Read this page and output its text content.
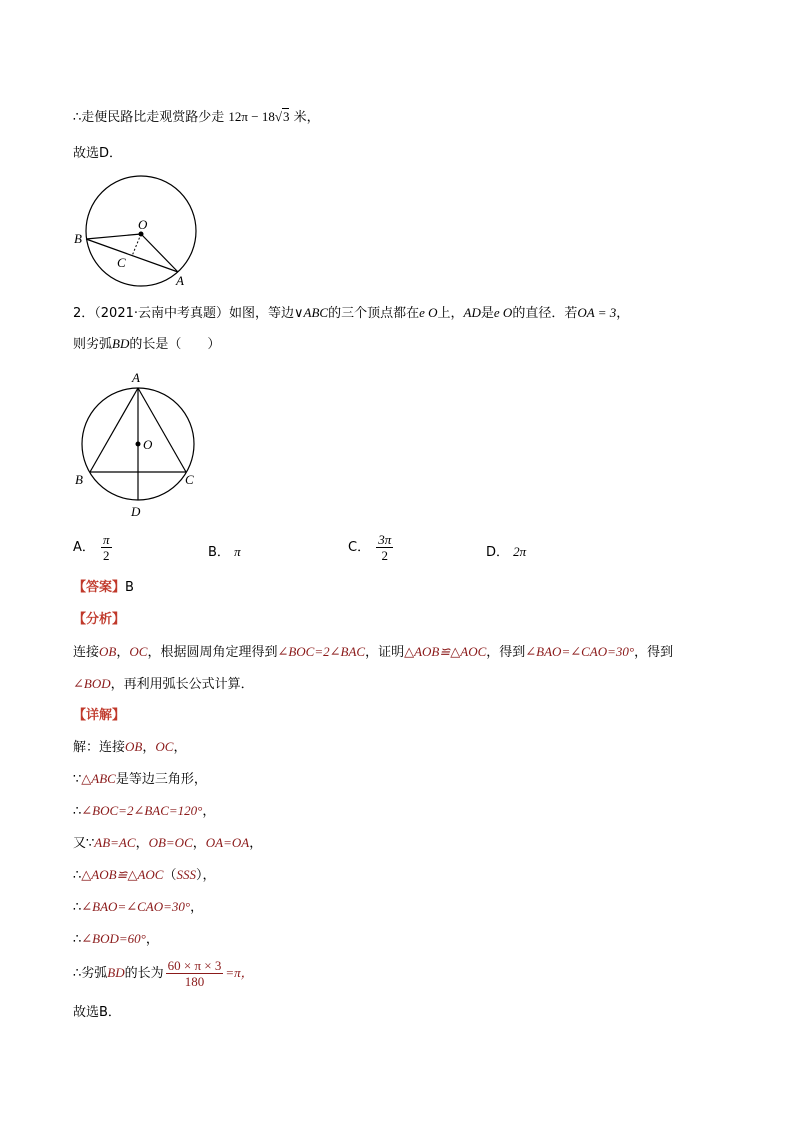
∴走便民路比走观赏路少走 12π − 18√3 米，
故选D．
O
B
C
A
2．（2021·云南中考真题）如图，等边∨ABC的三个顶点都在e O上，AD是e O的直径．若OA = 3，
则劣弧BD的长是（　　）
A
O
B	C
D
A． $\frac{\pi}{2}$	B． π	C． $\frac{3\pi}{2}$	D． 2π
【答案】B
【分析】
连接OB，OC，根据圆周角定理得到∠BOC=2∠BAC，证明△AOB≌△AOC，得到∠BAO=∠CAO=30°，得到
∠BOD，再利用弧长公式计算．
【详解】
解：连接OB，OC，
∵△ABC是等边三角形，
∴∠BOC=2∠BAC=120°，
又∵AB=AC，OB=OC，OA=OA，
∴△AOB≌△AOC（SSS），
∴∠BAO=∠CAO=30°，
∴∠BOD=60°，
∴劣弧BD的长为 $\frac{60 \times \pi \times 3}{180} =\pi$，
故选B．
